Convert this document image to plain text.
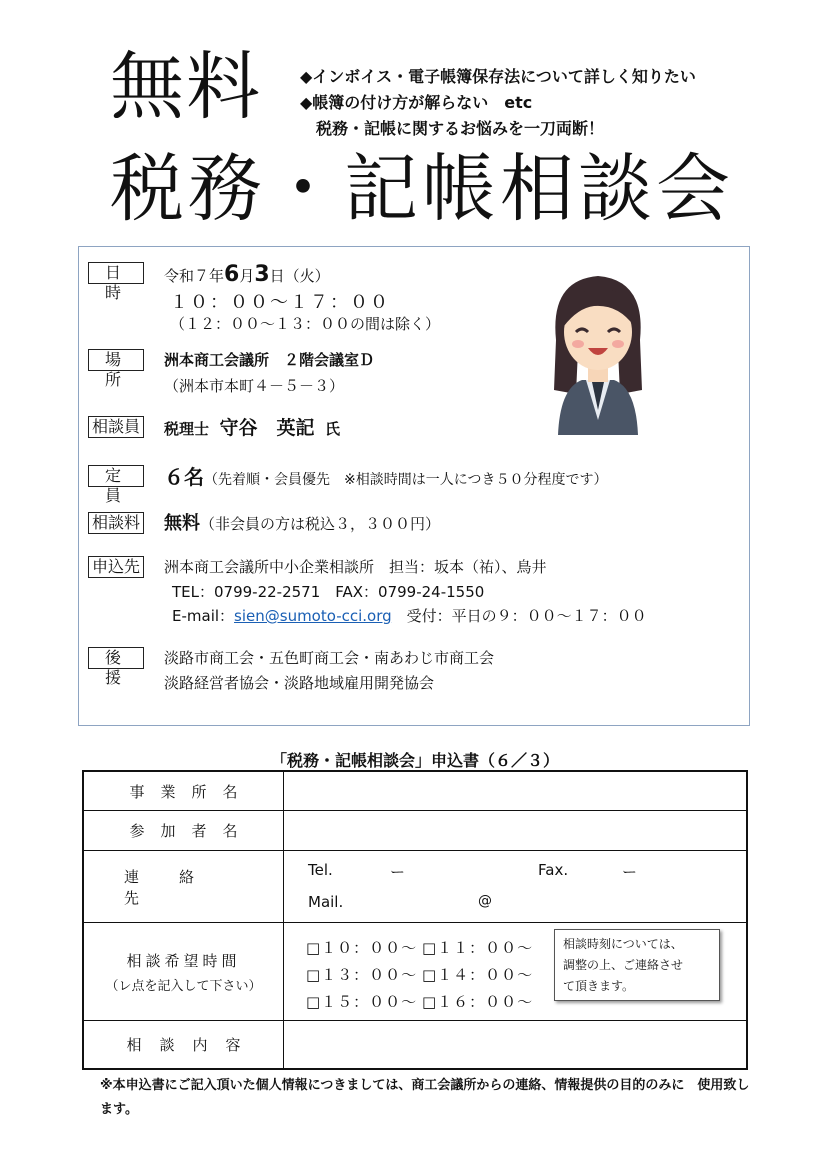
無料 ◆インボイス・電子帳簿保存法について詳しく知りたい
◆帳簿の付け方が解らない　etc
　税務・記帳に関するお悩みを一刀両断！
税務・記帳相談会
日　時
令和７年6月3日（火）
１０：００～１７：００
（１２：００～１３：００の間は除く）
場　所
洲本商工会議所　２階会議室Ｄ
（洲本市本町４－５－３）
相談員 税理士 守谷　英記 氏
定　員
６名（先着順・会員優先　※相談時間は一人につき５０分程度です）
相談料 無料（非会員の方は税込３，３００円）
申込先 洲本商工会議所中小企業相談所　担当：坂本（祐）、鳥井
TEL：0799-22-2571　FAX：0799-24-1550
E-mail：sien@sumoto-cci.org　受付：平日の９：００～１７：００
後　援
淡路市商工会・五色町商工会・南あわじ市商工会
淡路経営者協会・淡路地域雇用開発協会
「税務・記帳相談会」申込書（６／３）
事業所名
参加者名
連絡先
Tel.	ー	Fax.	ー
Mail.	@
相談希望時間
（レ点を記入して下さい）
□１０：００～ □１１：００～
□１３：００～ □１４：００～
□１５：００～ □１６：００～
相談時刻については、
調整の上、ご連絡させ
て頂きます。
相談内容
※本申込書にご記入頂いた個人情報につきましては、商工会議所からの連絡、情報提供の目的のみに　使用致します。
